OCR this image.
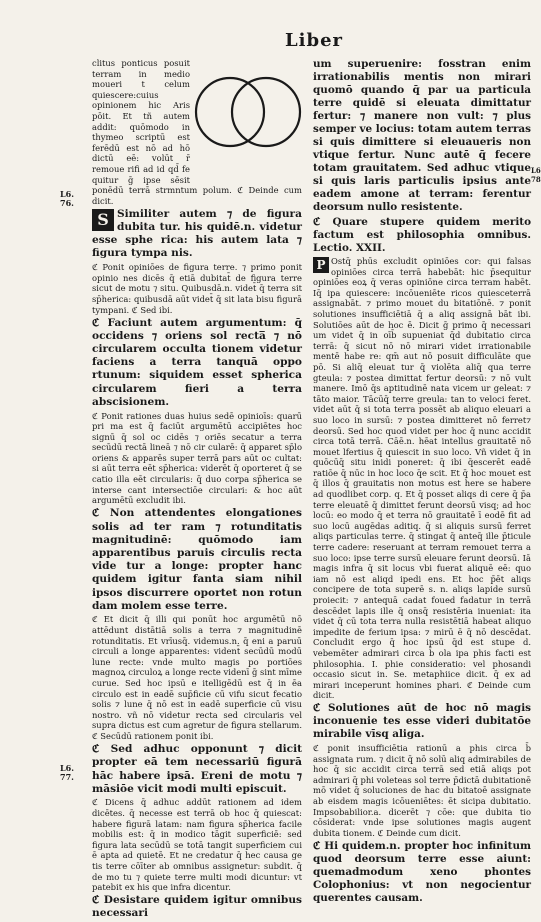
Liber
L6.
76.
L6.
77.
L6
78

clitus ponticus posuit terram in medio moueri t celum quiescere:cuius opinionem hic Aris pōit. Et tñ autem addit: quōmodo in thymeo scriptū est ferēdū est nō ad hō dictū eē: volūt r̄ remoue rifi ad id qd̄ fe quitur ḡ ipse sēsit ponēdū terrā strmntum polum. ℭ Deinde cum dicit.

S Similiter autem ⁊ de figura dubita tur. his quidē.n. videtur esse sphe rica: his autem lata ⁊ figura tympa nis.

ℭ Ponit opiniōes de figura terre. ⁊ primo ponit opinio nes dicēs q̄ etiā dubitat̄ de figura terre sicut de motu ⁊ situ. Quibusdā.n. videt̄ q̄ terra sit sp̄herica: quibusdā aūt videt̄ q̄ sit lata bisu figurā tympani. ℭ Sed ibi.

ℭ Faciunt autem argumentum: q̄ occidens ⁊ oriens sol recta̅ ⁊ nō circularem occulta tionem videtur faciens a terra tanquā oppo rtunum: siquidem esset spherica circularem fieri a terra abscisionem.

ℭ Ponit rationes duas huius sedē opinioīs: quarū pri ma est q̄ faciūt argumētū accipiētes hoc signū q̄ sol oc cidēs ⁊ oriēs secatur a terra secūdū rectā lineā ⁊ nō cir cularē: q̄ apparet sp̄lo oriens & apparēs super terrā pars aūt oc cultat: si aūt terra eēt sp̄herica: viderēt q̄ oporteret q̄ se catio illa eēt circularis: q̄ duo corpa sp̄herica se interse cant intersectiōe circulari: & hoc aūt argumētū excludit ibi.

ℭ Non attendentes elongationes solis ad ter ram ⁊ rotunditatis magnitudinē: quōmodo iam apparentibus paruis circulis recta vide tur a longe: propter hanc quidem igitur fanta siam nihil ipsos discurrere oportet non rotun dam molem esse terre.

ℭ Et dicit q̄ illi qui ponūt hoc argumētū nō attēdunt distātiā solis a terra ⁊ magnitudinē rotunditatis. Et vrīusq̄. videmus.n. q̄ eni a paruū circuli a longe apparentes: vident̄ secūdū modū lune recte: vnde multo magis po portiōes magnoꝝ circuloꝝ a longe recte videnī ḡ sint mīme curue. Sed hoc ipsū e itelligēdū est q̄ in ēa circulo est in eadē sup̄ficie cū vifu sicut fecatio solis ⁊ lune q̄ nō est in eadē superficie cū visu nostro. vñ nō videtur recta sed circularis vel supra dictus est cum agretur de figura stellarum. ℭ Secūdū rationem ponit ibi.

ℭ Sed adhuc opponunt ⁊ dicit propter eā tem necessariū figurā hāc habere ipsā. Ereni de motu ⁊ māsiōe vicit modi multi episcuit.

ℭ Dicens q̄ adhuc addūt rationem ad idem dicētes. q̄ necesse est terrā ob hoc q̄ quiescat: habere figurā latam: nam figura sp̄herica facile mobilis est: q̄ in modico tāgit superficiē: sed figura lata secūdū se totā tangit superficiem cui ē apta ad quietē. Et ne credatur q̄ hec causa ge tis terre cōīter ab omnibus assignetur: subdit. q̄ de mo tu ⁊ quiete terre multi modi dicuntur: vt patebit ex his que infra dicentur.

ℭ Desistare quidem igitur omnibus necessari

um superuenire: fosstran enim irrationabilis mentis non mirari quomō quando q̄ par ua particula terre quidē si eleuata dimittatur fertur: ⁊ manere non vult: ⁊ plus semper ve locius: totam autem terras si quis dimittere si eleuaueris non vtique fertur. Nunc autē q̄ fecere totam grauitatem. Sed adhuc vtique si quis laris particulis ipsius ante eadem amone at terram: ferentur deorsum nullo resistente.

ℭ Quare stupere quidem merito factum est philosophia omnibus. Lectio. XXII.

P Ostq̄ phūs excludit opiniōes cor: qui falsas opiniōes circa terrā habebāt: hic p̄sequitur opiniōes eoꝝ q̄ veras opiniōne circa terram habēt. Iq̄ ipa quiescere: incōueniēte ricos quiesceterrā assignabāt. ⁊ primo mouet du bitatiōnē. ⁊ ponit solutiones insufficiētiā q̄ a aliq assignā bāt ibi. Solutiōes aūt de hoc ē. Dicit ḡ primo q̄ necessari um videt q̄ in oīb̄ supueniat q̄d dubitatio circa terrā: q̄ sicut nō nō mirari videt irrationabile mentē habe re: qm̄ aut nō posuit difficulāte que pō. Si aliq̄ eleuat tur q̄ violēta aliq̄ qua terre gteula: ⁊ postea dimittat fertur deorsū: ⁊ nō vult manere. Imō q̄s aptitudinē nata vicem ur geleat: ⁊ tāto maior. Tācūq̄ terre greula: tan to veloci feret. videt aūt q̄ si tota terra possēt ab aliquo eleuari a suo loco in sursū: ⁊ postea dimitteret nō ferret⁊ deorsū. Sed hoc quod videt per hoc q̄ nunc accidit circa totā terrā. Cāē.n. hēat intellus grauitatē nō mouet lfertius q̄ quiescit in suo loco. Vñ videt q̄ in quōcūq̄ situ inidi poneret: q̄ ibi q̄escerēt eadē ratiōe q̄ nūc in hoc loco q̄e scit. Et q̄ hoc mouet est q̄ illos q̄ grauitatis non motus est h̄ere se habere ad quodlibet corp. q. Et q̄ posset aliqs di cere q̄ p̄a terre eleuatē q̄ dimittet ferunt deorsū visq; ad hoc locū: eo modo q̄ et terra nō grauitatē ī eodē fit ad suo locū augēdas aditiq. q̄ si aliquis sursū ferret aliqs particulas terre. q̄ stingat q̄ anteq̄ ille p̄ticule terre cadere: reseruant at terram remouet terra a suo loco: ipse terre sursū eleuare ferunt deorsū. Iā magis infra q̄ sit locus vbi fuerat aliquē eē: quo iam nō est aliqd ipedi ens. Et hoc p̄ēt aliqs concipere de tota superē s. n. aliqs lapide sursū proiecit: ⁊ antequā cadat foued fadatur in terrā descēdet lapis ille q̄ onsq̄ resistēria inueniat: ita videt q̄ cū tota terra nulla resistētiā habeat aliquo impedite de ferium ipsa: ⁊ mirū ē q̄ nō descēdat. Concludit ergo q̄ hoc ipsū q̄d est stupe d. vebemēter admirari circa b̄ ola ipa phis facti est philosophia. I. phie consideratio: vel phosandi occasio sicut in. Se. metaphiice dicit. q̄ ex ad mirari inceperunt homines phari. ℭ Deinde cum dicit.

ℭ Solutiones aūt de hoc nō magis inconuenie tes esse videri dubitatōe mirabile vīsq aliga.

ℭ ponit insufficiētia rationū a phis circa b̄ assignata rum. ⁊ dicit q̄ nō solū aliq admirabiles de hoc q̄ sic accidit circa terrā sed etiā aliqs pot admirari q̄ phi voleteas sol terre p̄dictā dubitationē mō videt q̄ soluciones de hac du bitatoē assignate ab eisdem magis icōueniētes: ēt sicipa dubitatio. Impsobabilior.a. dicerēt ⁊ cōe: que dubita tio cōsiderat: vnde ipse solutiones magis augent dubita tionem. ℭ Deinde cum dicit.

ℭ Hi quidem.n. propter hoc infinitum quod deorsum terre esse aiunt: quemadmodum xeno phontes Colophonius: vt non negocientur querentes causam.
